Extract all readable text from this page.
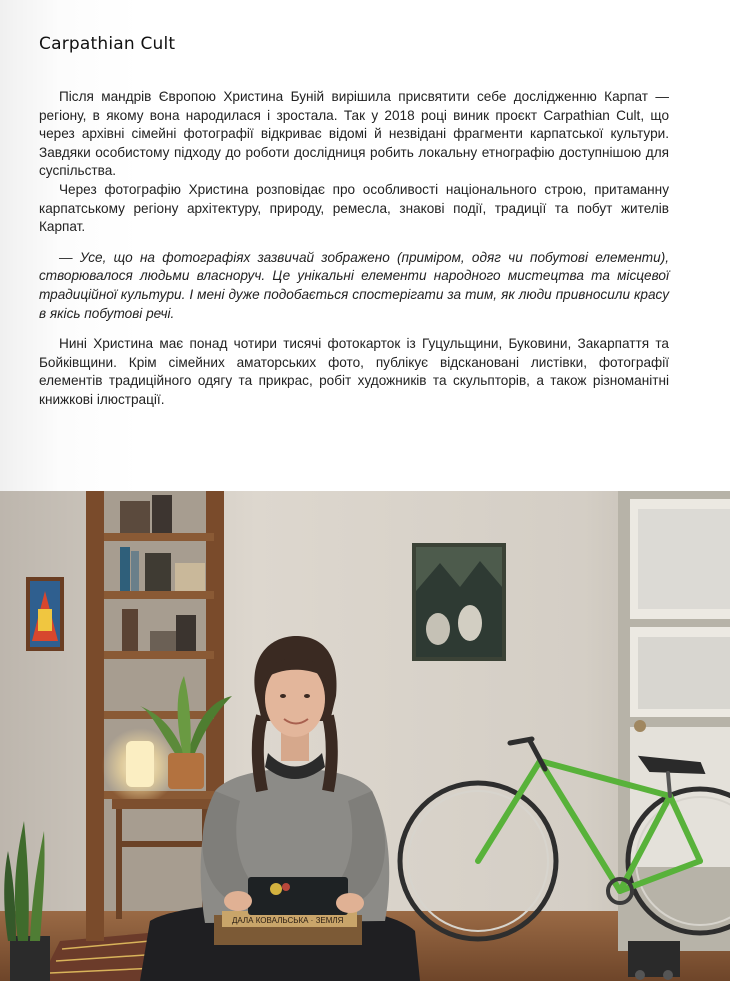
Carpathian Cult

Після мандрів Європою Христина Буній вирішила присвятити себе дослідженню Карпат — регіону, в якому вона народилася і зростала. Так у 2018 році виник проєкт Carpathian Cult, що через архівні сімейні фотографії відкриває відомі й незвідані фрагменти карпатської культури. Завдяки особистому підходу до роботи дослідниця робить локальну етнографію доступнішою для суспільства.

Через фотографію Христина розповідає про особливості національного строю, притаманну карпатському регіону архітектуру, природу, ремесла, знакові події, традиції та побут жителів Карпат.

— Усе, що на фотографіях зазвичай зображено (приміром, одяг чи побутові елементи), створювалося людьми власноруч. Це унікальні елементи народного мистецтва та місцевої традиційної культури. І мені дуже подобається спостерігати за тим, як люди привносили красу в якісь побутові речі.

Нині Христина має понад чотири тисячі фотокарток із Гуцульщини, Буковини, Закарпаття та Бойківщини. Крім сімейних аматорських фото, публікує відскановані листівки, фотографії елементів традиційного одягу та прикрас, робіт художників та скульпторів, а також різноманітні книжкові ілюстрації.

ДАЛА КОВАЛЬСЬКА · ЗЕМЛЯ
